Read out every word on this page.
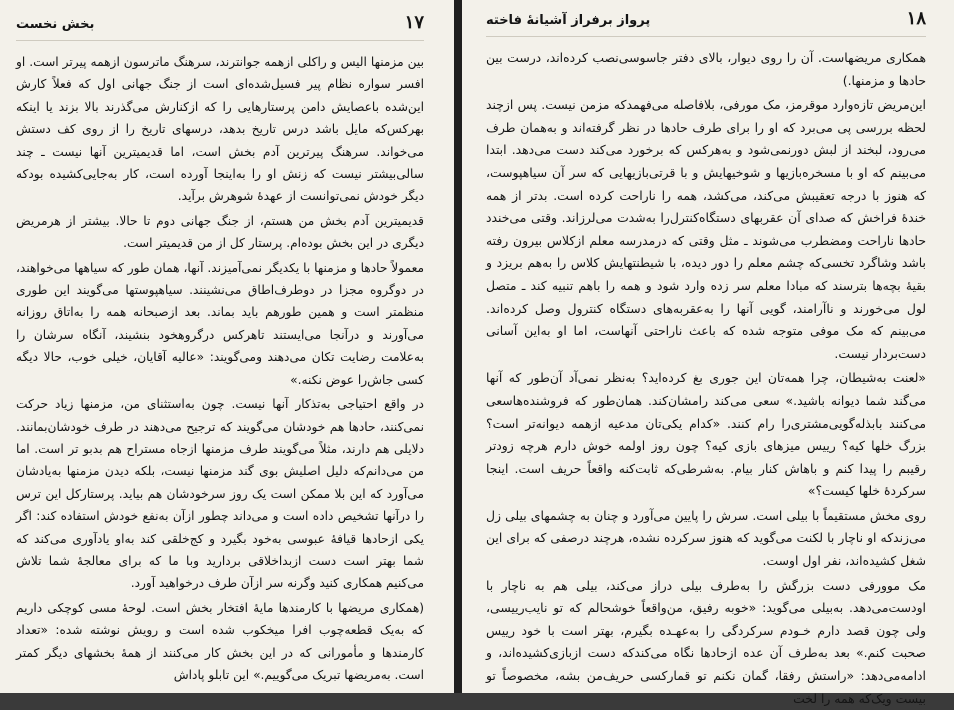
۱۷
بخش نخست

بین مزمنها الیس و راکلی ازهمه جوانترند، سرهنگ ماترسون ازهمه پیرتر است. او افسر سواره نظام پیر فسیل‌شده‌ای است از جنگ جهانی اول که فعلاً کارش این‌شده باعصایش دامن پرستارهایی را که ازکنارش می‌گذرند بالا بزند یا اینکه بهرکس‌که مایل باشد درس تاریخ بدهد، درسهای تاریخ را از روی کف دستش می‌خواند. سرهنگ پیرترین آدم بخش است، اما قدیمیترین آنها نیست ـ چند سالی‌بیشتر نیست که زنش او را به‌اینجا آورده است، کار به‌جایی‌کشیده بودکه دیگر خودش نمی‌توانست از عهدهٔ شوهرش برآید.

قدیمیترین آدم بخش من هستم، از جنگ جهانی دوم تا حالا. بیشتر از هرمریض دیگری در این بخش بوده‌ام. پرستار کل از من قدیمیتر است.

معمولاً حادها و مزمنها با یکدیگر نمی‌آمیزند. آنها، همان طور که سیاهها می‌خواهند، در دوگروه مجزا در دوطرف‌اطاق می‌نشینند. سیاهپوستها می‌گویند این طوری منظمتر است و همین طورهم باید بماند. بعد ازصبحانه همه را به‌اتاق روزانه می‌آورند و درآنجا می‌ایستند تاهرکس درگروهخود بنشیند، آنگاه سرشان را به‌علامت رضایت تکان می‌دهند ومی‌گویند: «عالیه آقایان، خیلی خوب، حالا دیگه کسی جاش‌را عوض نکنه.»

در واقع احتیاجی به‌تذکار آنها نیست. چون به‌استثنای من، مزمنها زیاد حرکت نمی‌کنند، حادها هم خودشان می‌گویند که ترجیح می‌دهند در طرف خودشان‌بمانند. دلایلی هم دارند، مثلاً می‌گویند طرف مزمنها ازجاه مستراح هم بدبو تر است. اما من می‌دانم‌که دلیل اصلیش بوی گند مزمنها نیست، بلکه دیدن مزمنها به‌یادشان می‌آورد که این بلا ممکن است یک روز سرخودشان هم بیاید. پرستارکل این ترس را درآنها تشخیص داده است و می‌داند چطور ازآن به‌نفع خودش استفاده کند: اگر یکی ازحادها قیافهٔ عبوسی به‌خود بگیرد و کج‌خلقی کند به‌او یادآوری می‌کند که شما بهتر است دست ازبداخلاقی بردارید وبا ما که برای معالجهٔ شما تلاش می‌کنیم همکاری کنید وگرنه سر ازآن طرف درخواهید آورد.

(همکاری مریضها با کارمندها مایهٔ افتخار بخش است. لوحهٔ مسی کوچکی داریم که به‌یک قطعه‌چوب افرا میخکوب شده است و رویش نوشته شده: «تعداد کارمندها و مأمورانی که در این بخش کار می‌کنند از همهٔ بخشهای دیگر کمتر است. به‌مریضها تبریک می‌گوییم.» این تابلو پاداش

۱۸
پرواز برفراز آشیانهٔ فاخته

همکاری مریضهاست. آن را روی دیوار، بالای دفتر جاسوسی‌نصب کرده‌اند، درست بین حادها و مزمنها.)

این‌مریض تازه‌وارد موقرمز، مک مورفی، بلافاصله می‌فهمدکه مزمن نیست. پس ازچند لحظه بررسی پی می‌برد که او را برای طرف حادها در نظر گرفته‌اند و به‌همان طرف می‌رود، لبخند از لبش دورنمی‌شود و به‌هرکس که برخورد می‌کند دست می‌دهد. ابتدا می‌بینم که او با مسخره‌بازیها و شوخیهایش و با قرتی‌بازیهایی که سر آن سیاهپوست، که هنوز با درجه تعقیبش می‌کند، می‌کشد، همه را ناراحت کرده است. بدتر از همه خندهٔ فراخش که صدای آن عقربهای دستگاه‌کنترل‌را به‌شدت می‌لرزاند. وقتی می‌خندد حادها ناراحت ومضطرب می‌شوند ـ مثل وقتی که درمدرسه معلم ازکلاس بیرون رفته باشد وشاگرد تخسی‌که چشم معلم را دور دیده، با شیطنتهایش کلاس را به‌هم بریزد و بقیهٔ بچه‌ها بترسند که مبادا معلم سر زده وارد شود و همه را با‌هم تنبیه کند ـ متصل لول می‌خورند و ناآرامند، گویی آنها را به‌عقربه‌های دستگاه کنترول وصل کرده‌اند. می‌بینم که مک موفی متوجه شده که باعث ناراحتی آنهاست، اما او به‌این آسانی دست‌بردار نیست.

«لعنت به‌شیطان، چرا همه‌تان این جوری بغ کرده‌اید؟ به‌نظر نمی‌آد آن‌طور که آنها می‌گند شما دیوانه باشید.» سعی می‌کند رامشان‌کند. همان‌طور که فروشنده‌هاسعی می‌کنند با‌بذله‌گویی‌مشتری‌را رام کنند. «کدام یکی‌تان مدعیه ازهمه دیوانه‌تر است؟ بزرگ خلها کیه؟ رییس میزهای بازی کیه؟ چون روز اولمه خوش دارم هرچه زودتر رقیبم را پیدا کنم و باهاش کنار بیام. به‌شرطی‌که ثابت‌کنه واقعاً حریف است. اینجا سرکردهٔ خلها کیست؟»

روی مخش مستقیماً با بیلی است. سرش را پایین می‌آورد و چنان به چشمهای بیلی زل می‌زندکه او ناچار با لکنت می‌گوید که هنوز سرکرده نشده، هرچند درصفی که برای این شغل کشیده‌اند، نفر اول اوست.

مک موورفی دست بزرگش را به‌طرف بیلی دراز می‌کند، بیلی هم به ناچار با اودست‌می‌دهد. به‌بیلی می‌گوید: «خوبه رفیق، من‌واقعاً خوشحالم که تو نایب‌رییسی، ولی چون قصد دارم خـودم سرکردگی را به‌عهـده بگیرم، بهتر است با خود رییس صحبت کنم.» بعد به‌طرف آن عده ازحادها نگاه می‌کندکه دست ازبازی‌کشیده‌اند، و ادامه‌می‌دهد: «راستش رفقا، گمان نکنم تو قمارکسی حریف‌من بشه، مخصوصاً تو بیست و‌یک‌که همه را لخت
